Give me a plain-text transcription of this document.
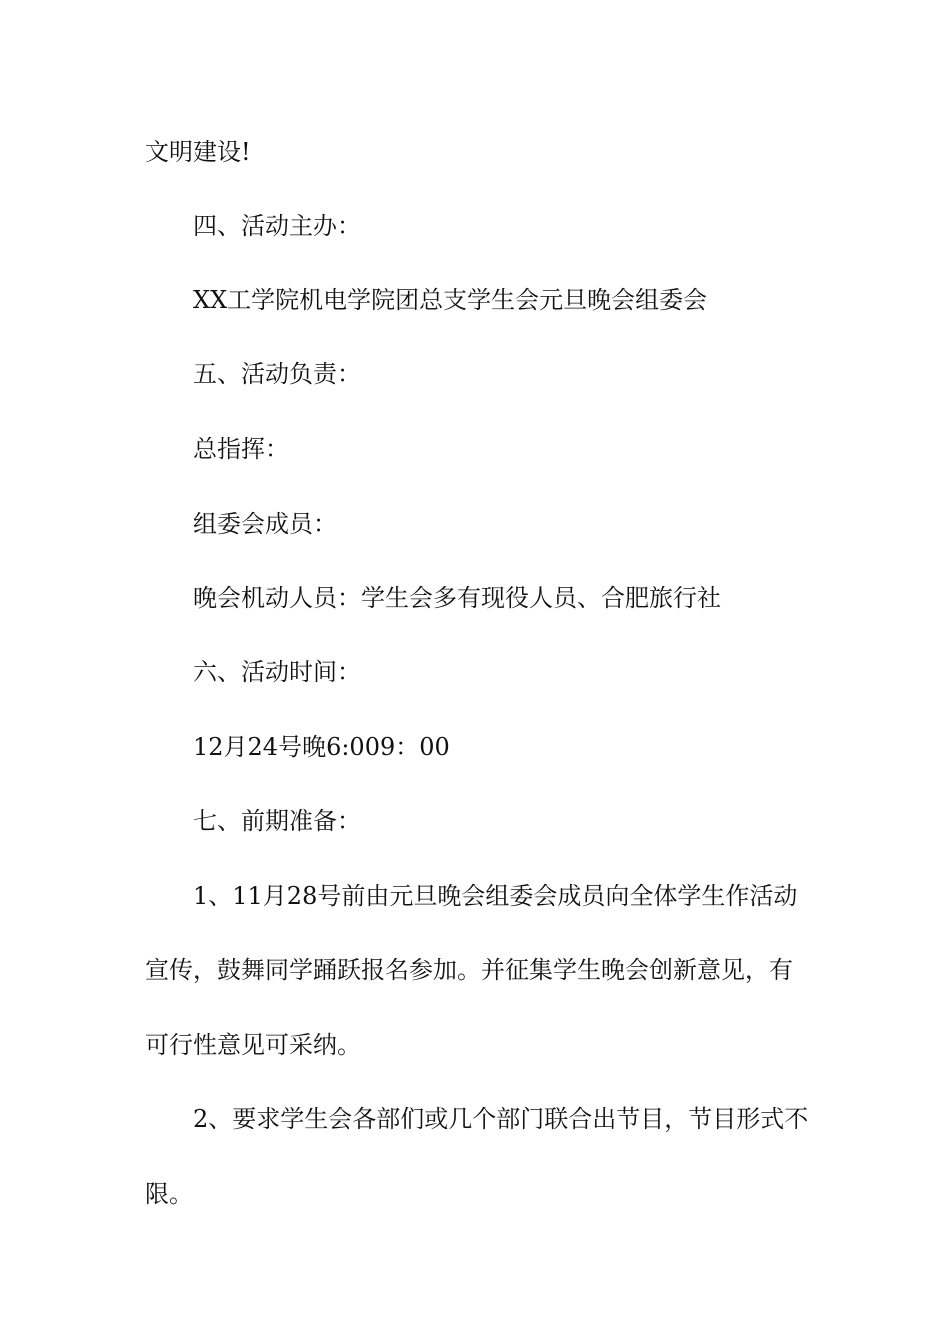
文明建设!
四、活动主办：
XX工学院机电学院团总支学生会元旦晚会组委会
五、活动负责：
总指挥：
组委会成员：
晚会机动人员：学生会多有现役人员、合肥旅行社
六、活动时间：
12月24号晚6:009：00
七、前期准备：
1、11月28号前由元旦晚会组委会成员向全体学生作活动
宣传，鼓舞同学踊跃报名参加。并征集学生晚会创新意见，有
可行性意见可采纳。
2、要求学生会各部们或几个部门联合出节目，节目形式不
限。
